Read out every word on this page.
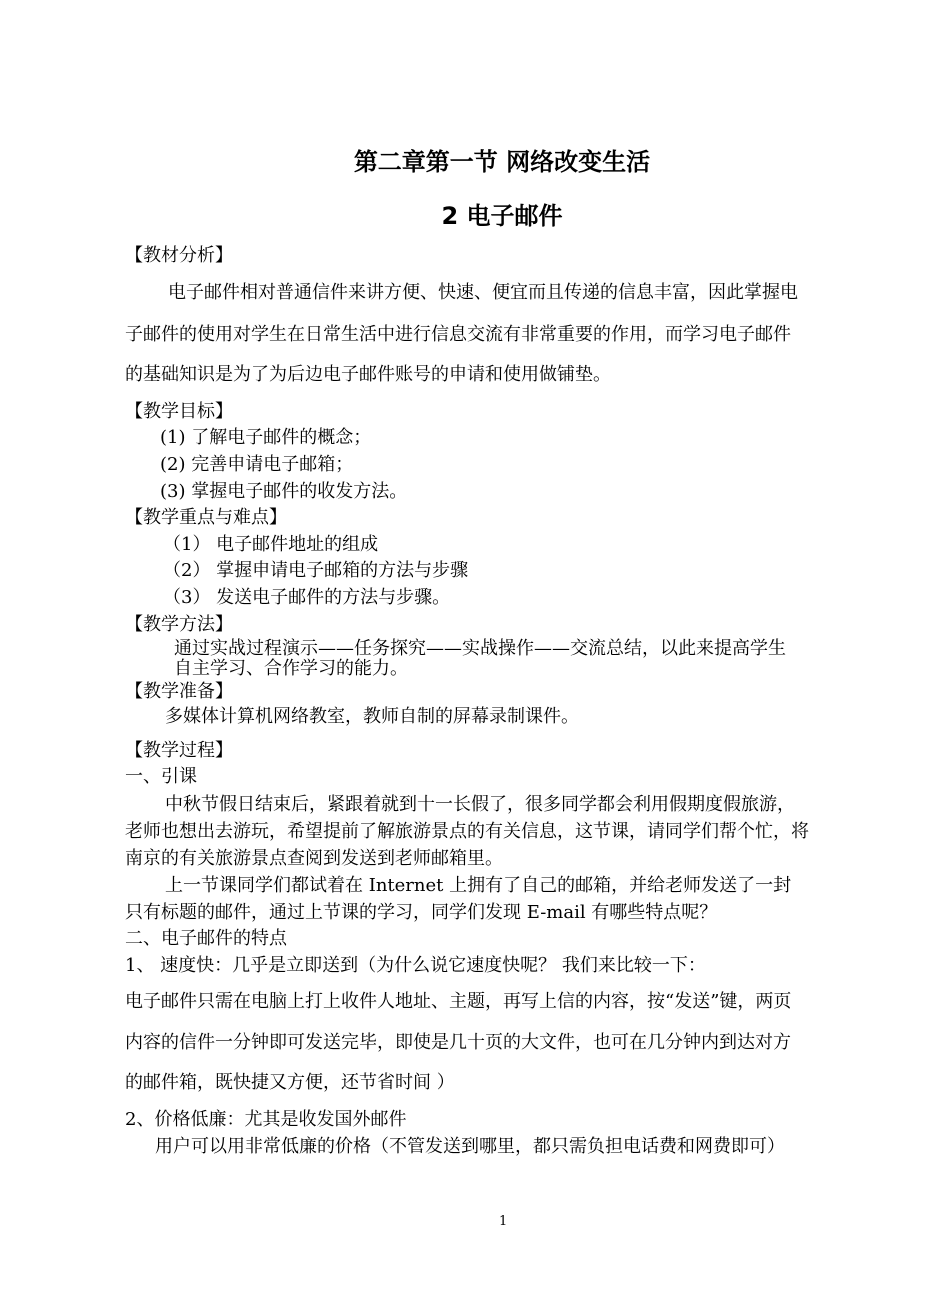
第二章第一节 网络改变生活
2 电子邮件
【教材分析】
电子邮件相对普通信件来讲方便、快速、便宜而且传递的信息丰富，因此掌握电
子邮件的使用对学生在日常生活中进行信息交流有非常重要的作用，而学习电子邮件
的基础知识是为了为后边电子邮件账号的申请和使用做铺垫。
【教学目标】
(1) 了解电子邮件的概念；
(2) 完善申请电子邮箱；
(3) 掌握电子邮件的收发方法。
【教学重点与难点】
（1） 电子邮件地址的组成
（2） 掌握申请电子邮箱的方法与步骤
（3） 发送电子邮件的方法与步骤。
【教学方法】
通过实战过程演示——任务探究——实战操作——交流总结，以此来提高学生
自主学习、合作学习的能力。
【教学准备】
多媒体计算机网络教室，教师自制的屏幕录制课件。
【教学过程】
一、引课
中秋节假日结束后，紧跟着就到十一长假了，很多同学都会利用假期度假旅游，
老师也想出去游玩，希望提前了解旅游景点的有关信息，这节课，请同学们帮个忙，将
南京的有关旅游景点查阅到发送到老师邮箱里。
上一节课同学们都试着在 Internet 上拥有了自己的邮箱，并给老师发送了一封
只有标题的邮件，通过上节课的学习，同学们发现 E-mail 有哪些特点呢？
二、电子邮件的特点
1、 速度快：几乎是立即送到（为什么说它速度快呢？ 我们来比较一下：
电子邮件只需在电脑上打上收件人地址、主题，再写上信的内容，按“发送”键，两页
内容的信件一分钟即可发送完毕，即使是几十页的大文件，也可在几分钟内到达对方
的邮件箱，既快捷又方便，还节省时间 ）
2、价格低廉：尤其是收发国外邮件
用户可以用非常低廉的价格（不管发送到哪里，都只需负担电话费和网费即可）
1
